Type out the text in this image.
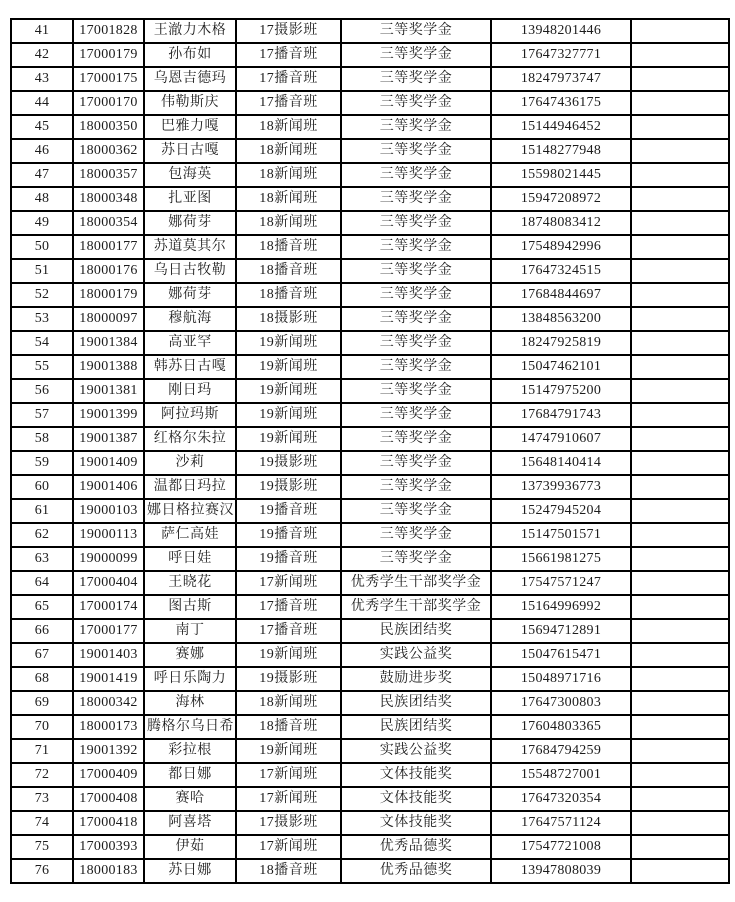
41	17001828	王澈力木格	17摄影班	三等奖学金	13948201446	
42	17000179	孙布如	17播音班	三等奖学金	17647327771	
43	17000175	乌恩吉德玛	17播音班	三等奖学金	18247973747	
44	17000170	伟勒斯庆	17播音班	三等奖学金	17647436175	
45	18000350	巴雅力嘎	18新闻班	三等奖学金	15144946452	
46	18000362	苏日古嘎	18新闻班	三等奖学金	15148277948	
47	18000357	包海英	18新闻班	三等奖学金	15598021445	
48	18000348	扎亚图	18新闻班	三等奖学金	15947208972	
49	18000354	娜荷芽	18新闻班	三等奖学金	18748083412	
50	18000177	苏道莫其尔	18播音班	三等奖学金	17548942996	
51	18000176	乌日古牧勒	18播音班	三等奖学金	17647324515	
52	18000179	娜荷芽	18播音班	三等奖学金	17684844697	
53	18000097	穆航海	18摄影班	三等奖学金	13848563200	
54	19001384	高亚罕	19新闻班	三等奖学金	18247925819	
55	19001388	韩苏日古嘎	19新闻班	三等奖学金	15047462101	
56	19001381	刚日玛	19新闻班	三等奖学金	15147975200	
57	19001399	阿拉玛斯	19新闻班	三等奖学金	17684791743	
58	19001387	红格尔朱拉	19新闻班	三等奖学金	14747910607	
59	19001409	沙莉	19摄影班	三等奖学金	15648140414	
60	19001406	温都日玛拉	19摄影班	三等奖学金	13739936773	
61	19000103	娜日格拉赛汉	19播音班	三等奖学金	15247945204	
62	19000113	萨仁高娃	19播音班	三等奖学金	15147501571	
63	19000099	呼日娃	19播音班	三等奖学金	15661981275	
64	17000404	王晓花	17新闻班	优秀学生干部奖学金	17547571247	
65	17000174	图古斯	17播音班	优秀学生干部奖学金	15164996992	
66	17000177	南丁	17播音班	民族团结奖	15694712891	
67	19001403	赛娜	19新闻班	实践公益奖	15047615471	
68	19001419	呼日乐陶力	19摄影班	鼓励进步奖	15048971716	
69	18000342	海林	18新闻班	民族团结奖	17647300803	
70	18000173	腾格尔乌日希	18播音班	民族团结奖	17604803365	
71	19001392	彩拉根	19新闻班	实践公益奖	17684794259	
72	17000409	都日娜	17新闻班	文体技能奖	15548727001	
73	17000408	赛哈	17新闻班	文体技能奖	17647320354	
74	17000418	阿喜塔	17摄影班	文体技能奖	17647571124	
75	17000393	伊茹	17新闻班	优秀品德奖	17547721008	
76	18000183	苏日娜	18播音班	优秀品德奖	13947808039	
